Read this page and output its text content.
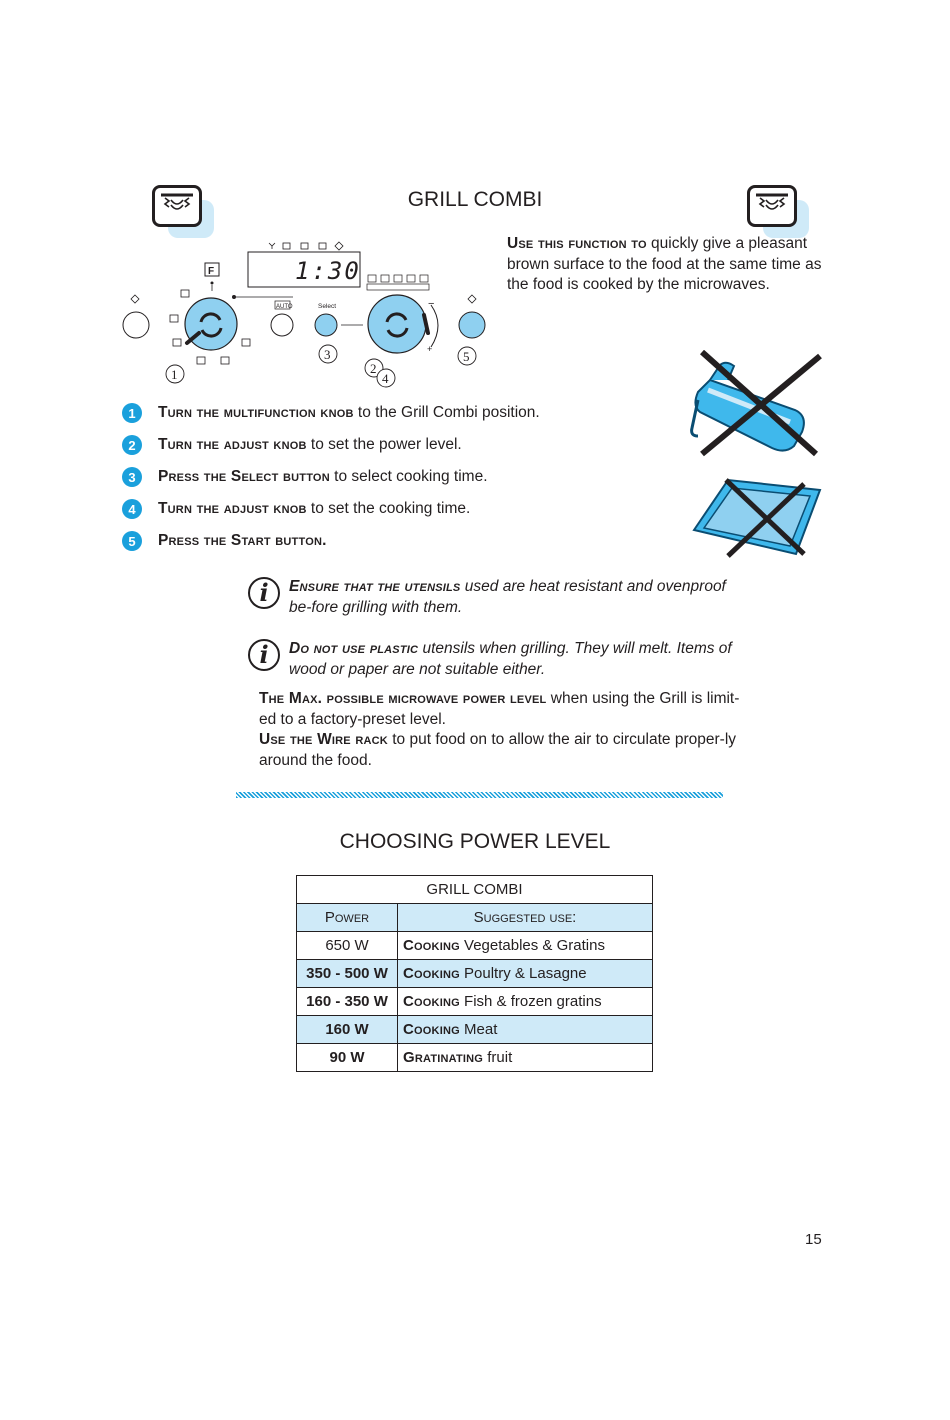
GRILL COMBI
Use this function to quickly give a pleasant brown surface to the food at the same time as the food is cooked by the microwaves.
1:30
F
AUTO	Select	−
+
1
3
2
4
5
1	Turn the multifunction knob to the Grill Combi position.
2	Turn the adjust knob to set the power level.
3	Press the Select button to select cooking time.
4	Turn the adjust knob to set the cooking time.
5	Press the Start button.
i	Ensure that the utensils used are heat resistant and ovenproof be-fore grilling with them.
i	Do not use plastic utensils when grilling. They will melt. Items of wood or paper are not suitable either.
The Max. possible microwave power level when using the Grill is limit-ed to a factory-preset level.
Use the Wire rack to put food on to allow the air to circulate proper-ly around the food.
CHOOSING POWER LEVEL
GRILL COMBI	
Power	Suggested use:
650 W	Cooking Vegetables & Gratins
350 - 500 W	Cooking Poultry & Lasagne
160 - 350 W	Cooking Fish & frozen gratins
160 W	Cooking Meat
90 W	Gratinating fruit
15
